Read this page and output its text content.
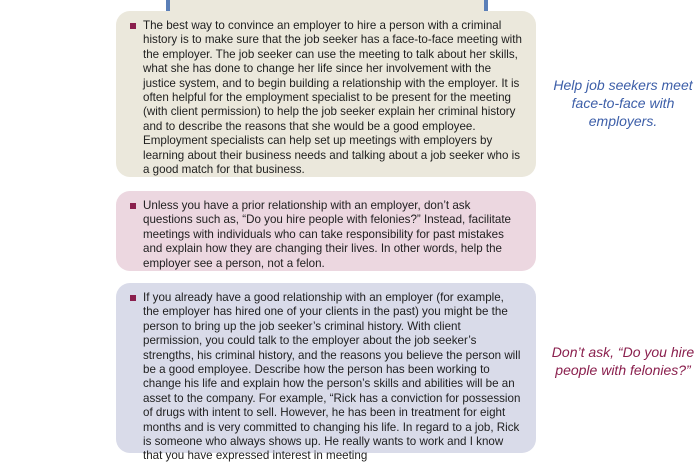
The best way to convince an employer to hire a person with a criminal history is to make sure that the job seeker has a face-to-face meeting with the employer. The job seeker can use the meeting to talk about her skills, what she has done to change her life since her involvement with the justice system, and to begin building a relationship with the employer. It is often helpful for the employment specialist to be present for the meeting (with client permission) to help the job seeker explain her criminal history and to describe the reasons that she would be a good employee. Employment specialists can help set up meetings with employers by learning about their business needs and talking about a job seeker who is a good match for that business.

Unless you have a prior relationship with an employer, don’t ask questions such as, “Do you hire people with felonies?” Instead, facilitate meetings with individuals who can take responsibility for past mistakes and explain how they are changing their lives. In other words, help the employer see a person, not a felon.

If you already have a good relationship with an employer (for example, the employer has hired one of your clients in the past) you might be the person to bring up the job seeker’s criminal history. With client permission, you could talk to the employer about the job seeker’s strengths, his criminal history, and the reasons you believe the person will be a good employee. Describe how the person has been working to change his life and explain how the person’s skills and abilities will be an asset to the company. For example, “Rick has a conviction for possession of drugs with intent to sell. However, he has been in treatment for eight months and is very committed to changing his life. In regard to a job, Rick is someone who always shows up. He really wants to work and I know that you have expressed interest in meeting

Help job seekers meet face-to-face with employers.
Don’t ask, “Do you hire people with felonies?”
